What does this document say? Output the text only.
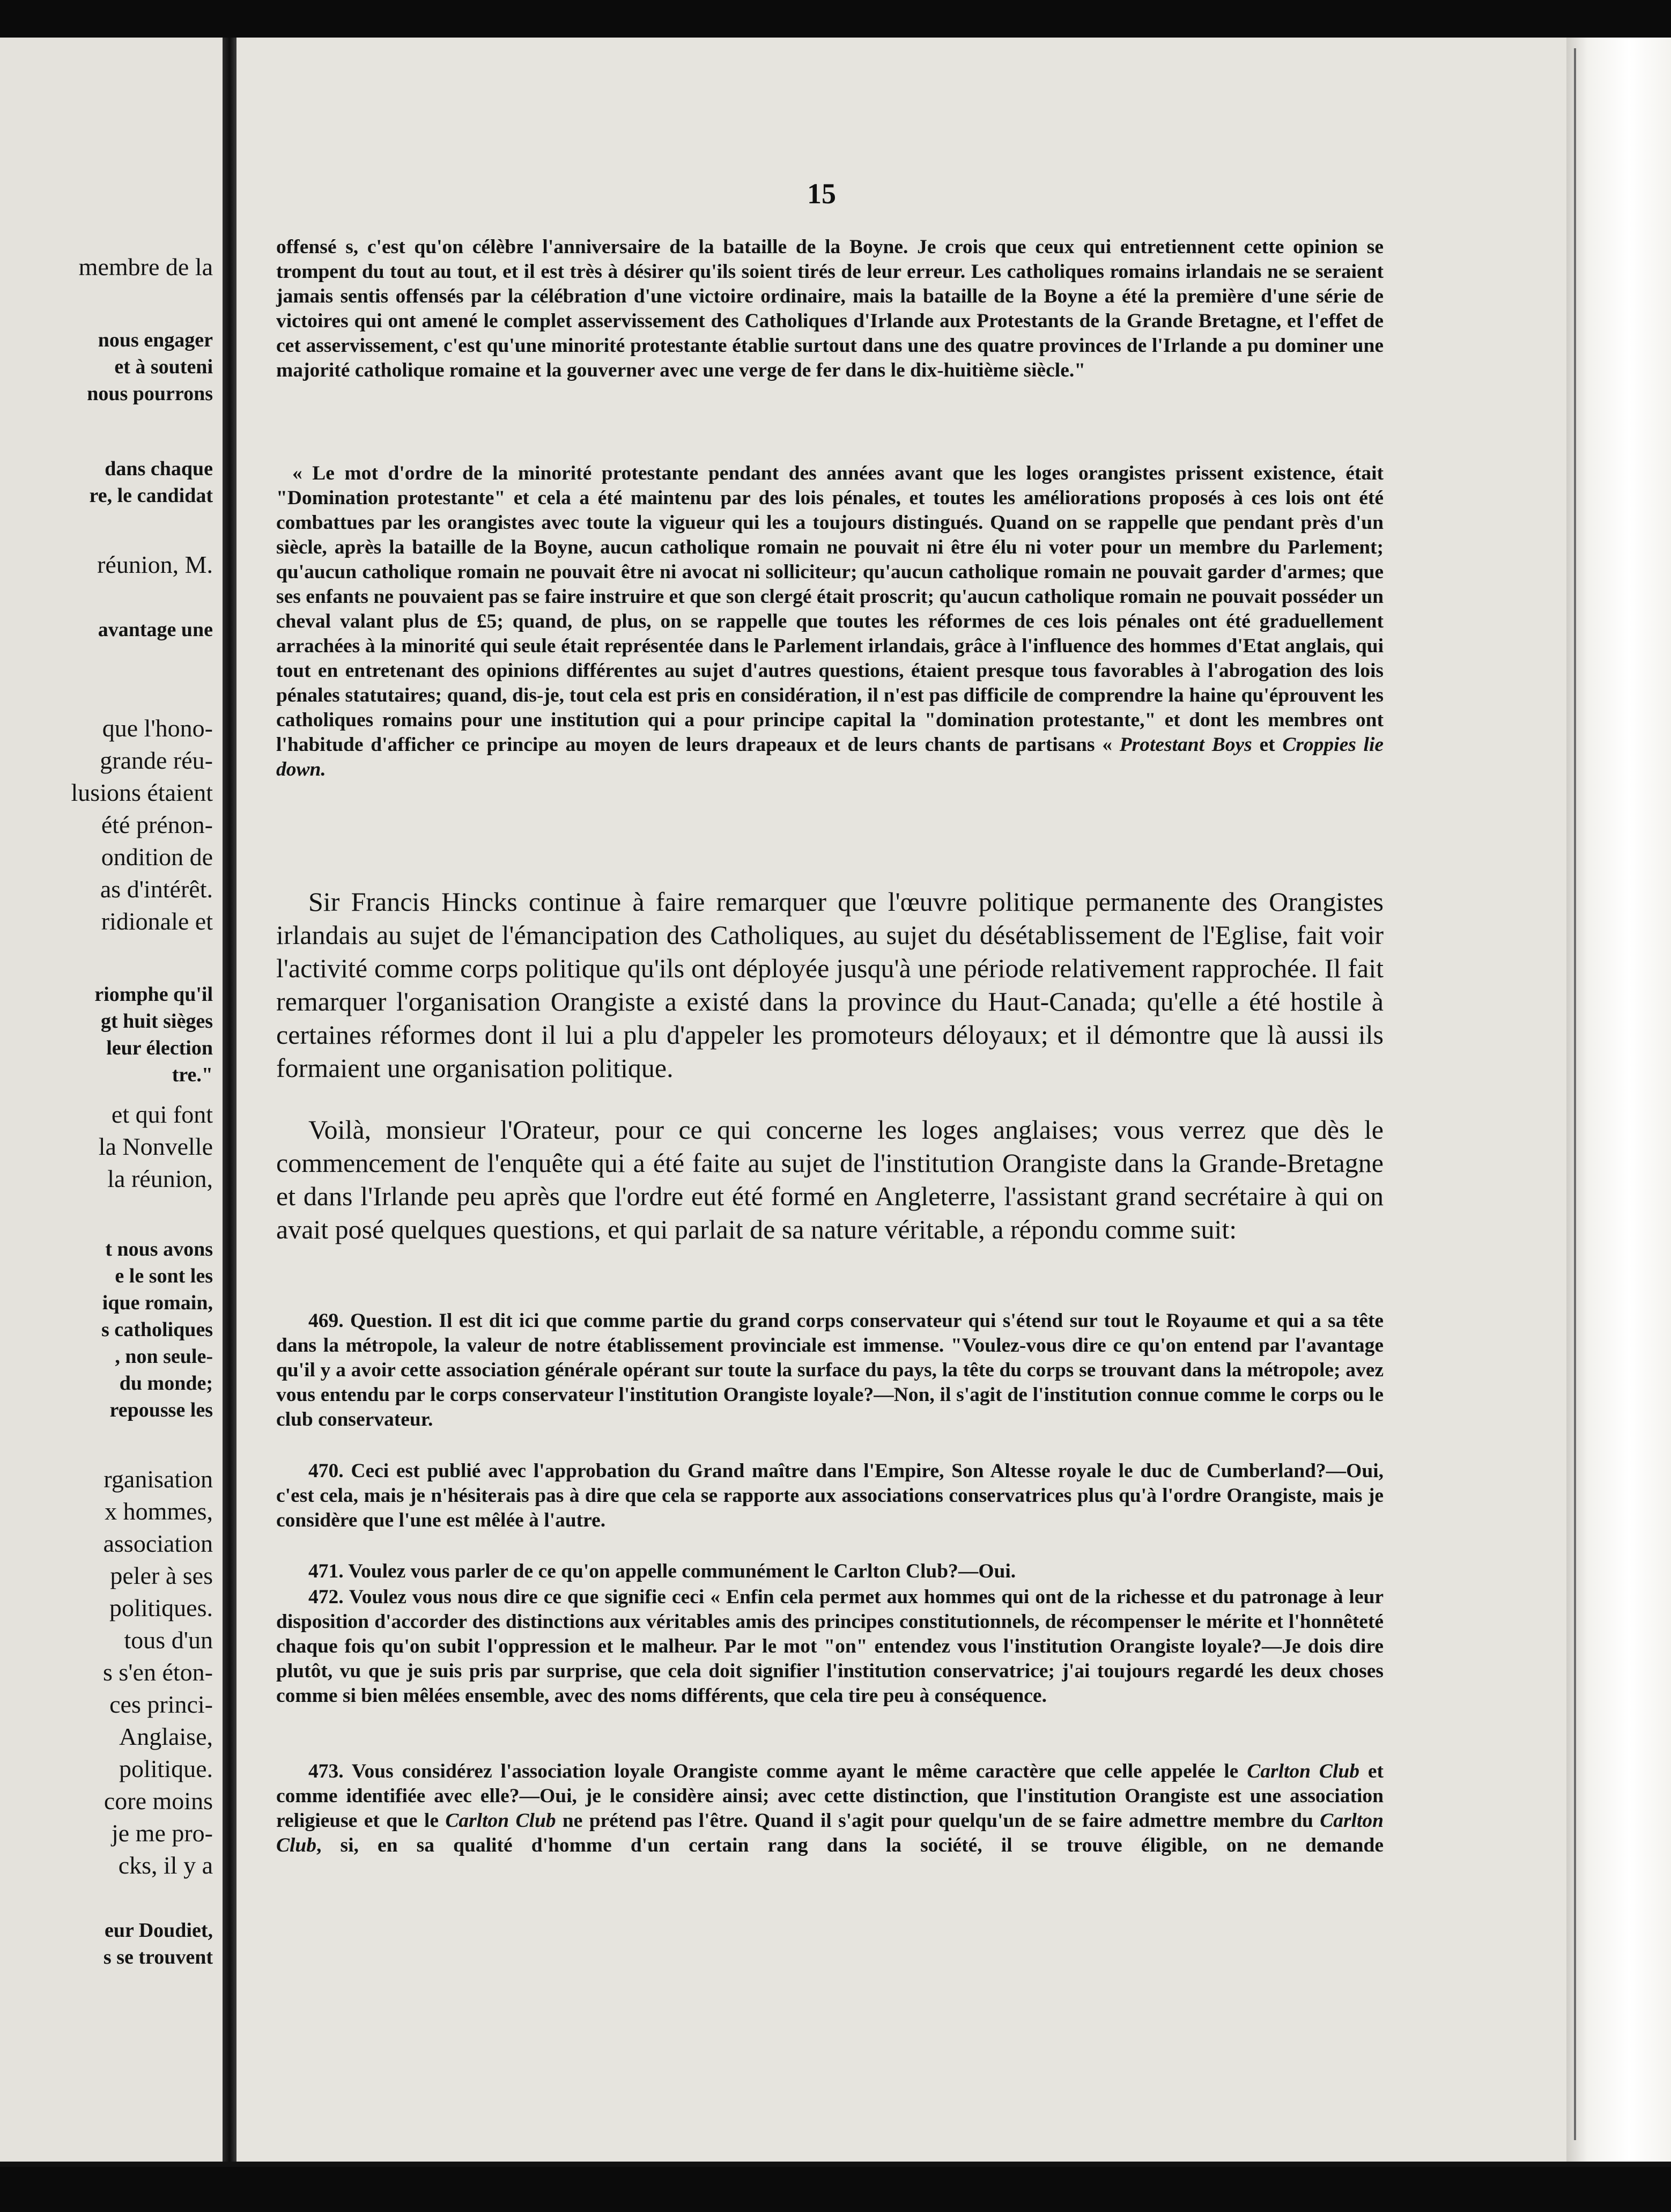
membre de la
nous engager
et à souteni
nous pourrons
dans chaque
re, le candidat
réunion, M.
avantage une
que l'hono-
grande réu-
lusions étaient
été prénon-
ondition de
as d'intérêt.
ridionale et
riomphe qu'il
gt huit sièges
leur élection
tre."
et qui font
la Nonvelle
la réunion,
t nous avons
e le sont les
ique romain,
s catholiques
, non seule-
du monde;
repousse les
rganisation
x hommes,
association
peler à ses
politiques.
tous d'un
s s'en éton-
ces princi-
Anglaise,
politique.
core moins
je me pro-
cks, il y a
eur Doudiet,
s se trouvent
15

offensé s, c'est qu'on célèbre l'anniversaire de la bataille de la Boyne. Je crois que ceux qui entretiennent cette opinion se trompent du tout au tout, et il est très à désirer qu'ils soient tirés de leur erreur. Les catholiques romains irlandais ne se seraient jamais sentis offensés par la célébration d'une victoire ordinaire, mais la bataille de la Boyne a été la première d'une série de victoires qui ont amené le complet asservissement des Catholiques d'Irlande aux Protestants de la Grande Bretagne, et l'effet de cet asservissement, c'est qu'une minorité protestante établie surtout dans une des quatre provinces de l'Irlande a pu dominer une majorité catholique romaine et la gouverner avec une verge de fer dans le dix-huitième siècle."

« Le mot d'ordre de la minorité protestante pendant des années avant que les loges orangistes prissent existence, était "Domination protestante" et cela a été maintenu par des lois pénales, et toutes les améliorations proposés à ces lois ont été combattues par les orangistes avec toute la vigueur qui les a toujours distingués. Quand on se rappelle que pendant près d'un siècle, après la bataille de la Boyne, aucun catholique romain ne pouvait ni être élu ni voter pour un membre du Parlement; qu'aucun catholique romain ne pouvait être ni avocat ni solliciteur; qu'aucun catholique romain ne pouvait garder d'armes; que ses enfants ne pouvaient pas se faire instruire et que son clergé était proscrit; qu'aucun catholique romain ne pouvait posséder un cheval valant plus de £5; quand, de plus, on se rappelle que toutes les réformes de ces lois pénales ont été graduellement arrachées à la minorité qui seule était représentée dans le Parlement irlandais, grâce à l'influence des hommes d'Etat anglais, qui tout en entretenant des opinions différentes au sujet d'autres questions, étaient presque tous favorables à l'abrogation des lois pénales statutaires; quand, dis-je, tout cela est pris en considération, il n'est pas difficile de comprendre la haine qu'éprouvent les catholiques romains pour une institution qui a pour principe capital la "domination protestante," et dont les membres ont l'habitude d'afficher ce principe au moyen de leurs drapeaux et de leurs chants de partisans « Protestant Boys et Croppies lie down.

Sir Francis Hincks continue à faire remarquer que l'œuvre politique permanente des Orangistes irlandais au sujet de l'émancipation des Catholiques, au sujet du désétablissement de l'Eglise, fait voir l'activité comme corps politique qu'ils ont déployée jusqu'à une période relativement rapprochée. Il fait remarquer l'organisation Orangiste a existé dans la province du Haut-Canada; qu'elle a été hostile à certaines réformes dont il lui a plu d'appeler les promoteurs déloyaux; et il démontre que là aussi ils formaient une organisation politique.

Voilà, monsieur l'Orateur, pour ce qui concerne les loges anglaises; vous verrez que dès le commencement de l'enquête qui a été faite au sujet de l'institution Orangiste dans la Grande-Bretagne et dans l'Irlande peu après que l'ordre eut été formé en Angleterre, l'assistant grand secrétaire à qui on avait posé quelques questions, et qui parlait de sa nature véritable, a répondu comme suit:

469. Question. Il est dit ici que comme partie du grand corps conservateur qui s'étend sur tout le Royaume et qui a sa tête dans la métropole, la valeur de notre établissement provinciale est immense. "Voulez-vous dire ce qu'on entend par l'avantage qu'il y a avoir cette association générale opérant sur toute la surface du pays, la tête du corps se trouvant dans la métropole; avez vous entendu par le corps conservateur l'institution Orangiste loyale?—Non, il s'agit de l'institution connue comme le corps ou le club conservateur.

470. Ceci est publié avec l'approbation du Grand maître dans l'Empire, Son Altesse royale le duc de Cumberland?—Oui, c'est cela, mais je n'hésiterais pas à dire que cela se rapporte aux associations conservatrices plus qu'à l'ordre Orangiste, mais je considère que l'une est mêlée à l'autre.

471. Voulez vous parler de ce qu'on appelle communément le Carlton Club?—Oui.

472. Voulez vous nous dire ce que signifie ceci « Enfin cela permet aux hommes qui ont de la richesse et du patronage à leur disposition d'accorder des distinctions aux véritables amis des principes constitutionnels, de récompenser le mérite et l'honnêteté chaque fois qu'on subit l'oppression et le malheur. Par le mot "on" entendez vous l'institution Orangiste loyale?—Je dois dire plutôt, vu que je suis pris par surprise, que cela doit signifier l'institution conservatrice; j'ai toujours regardé les deux choses comme si bien mêlées ensemble, avec des noms différents, que cela tire peu à conséquence.

473. Vous considérez l'association loyale Orangiste comme ayant le même caractère que celle appelée le Carlton Club et comme identifiée avec elle?—Oui, je le considère ainsi; avec cette distinction, que l'institution Orangiste est une association religieuse et que le Carlton Club ne prétend pas l'être. Quand il s'agit pour quelqu'un de se faire admettre membre du Carlton Club, si, en sa qualité d'homme d'un certain rang dans la société, il se trouve éligible, on ne demande
